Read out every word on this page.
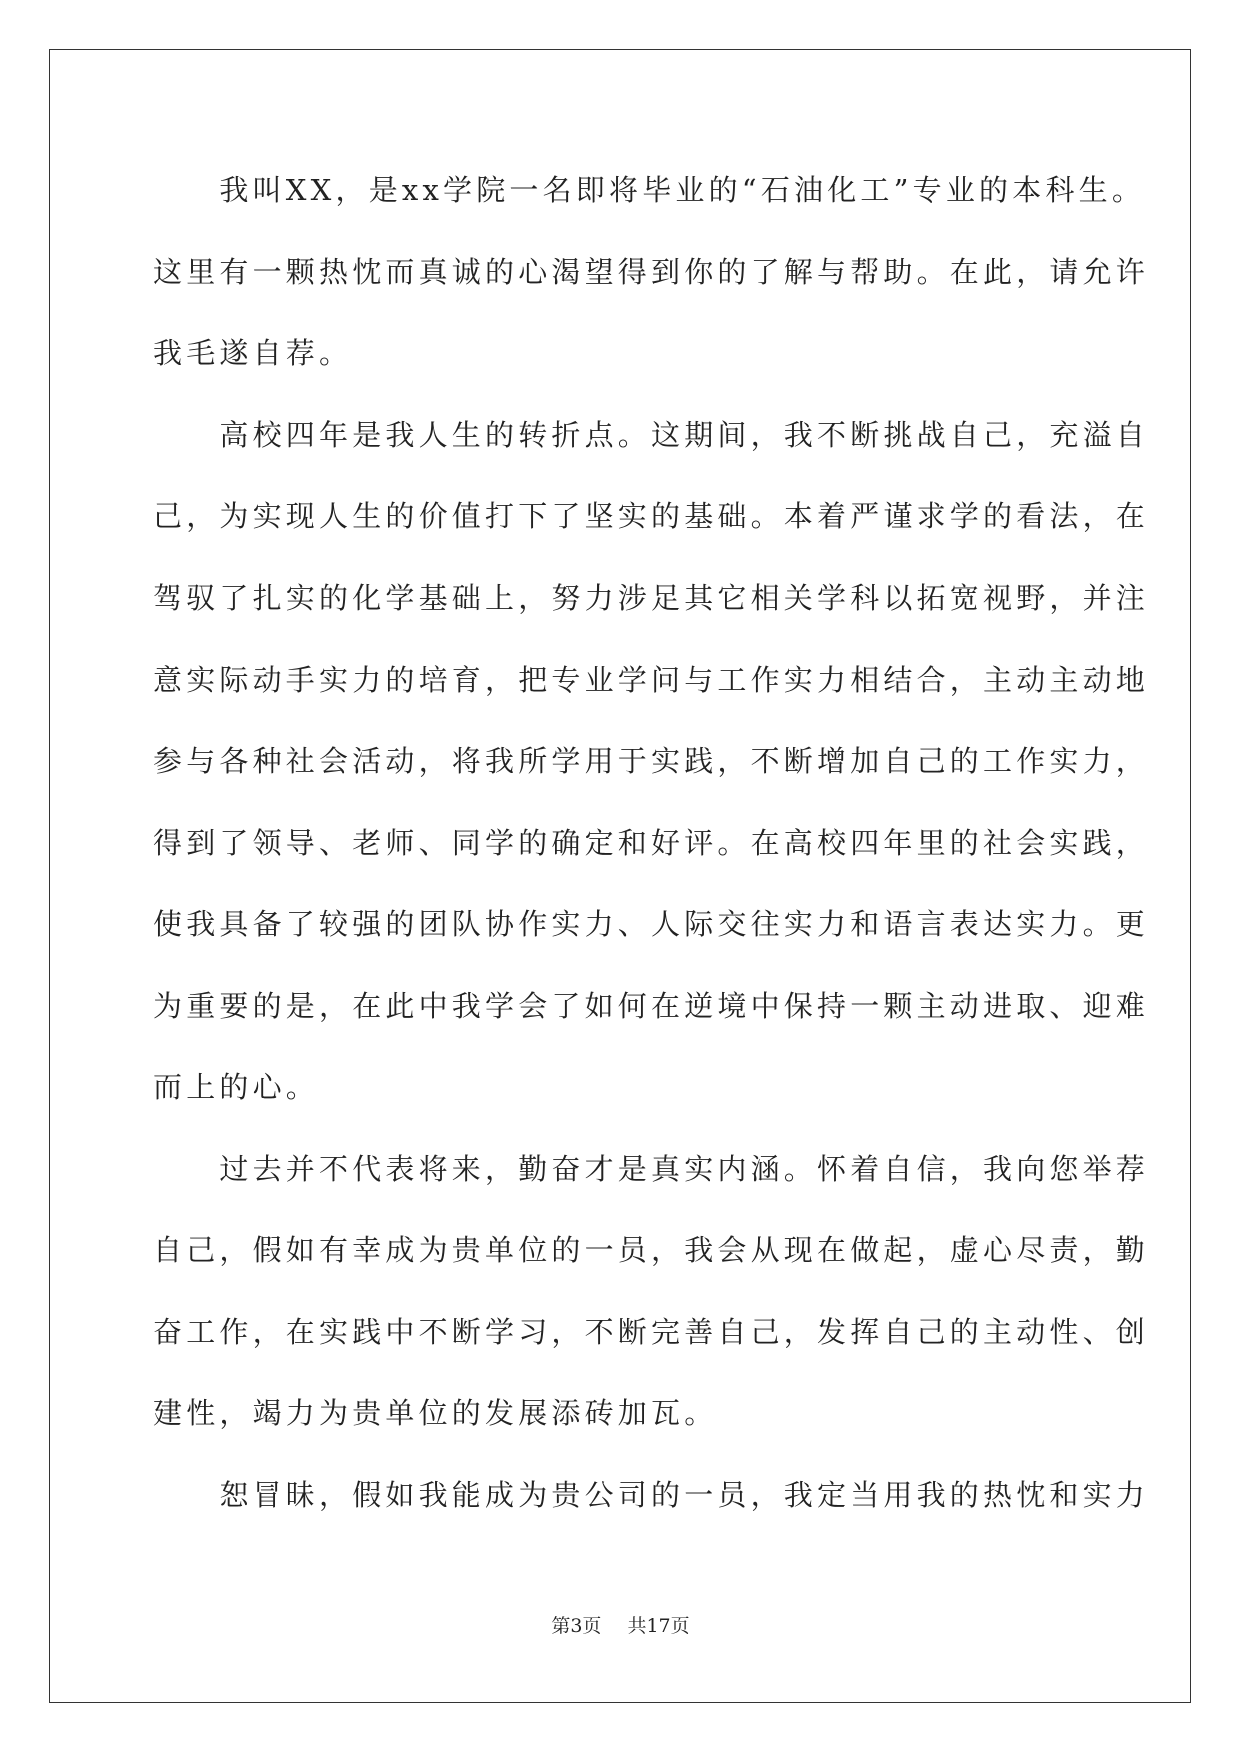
　　我叫XX，是xx学院一名即将毕业的“石油化工”专业的本科生。
这里有一颗热忱而真诚的心渴望得到你的了解与帮助。在此，请允许
我毛遂自荐。
　　高校四年是我人生的转折点。这期间，我不断挑战自己，充溢自
己，为实现人生的价值打下了坚实的基础。本着严谨求学的看法，在
驾驭了扎实的化学基础上，努力涉足其它相关学科以拓宽视野，并注
意实际动手实力的培育，把专业学问与工作实力相结合，主动主动地
参与各种社会活动，将我所学用于实践，不断增加自己的工作实力，
得到了领导、老师、同学的确定和好评。在高校四年里的社会实践，
使我具备了较强的团队协作实力、人际交往实力和语言表达实力。更
为重要的是，在此中我学会了如何在逆境中保持一颗主动进取、迎难
而上的心。
　　过去并不代表将来，勤奋才是真实内涵。怀着自信，我向您举荐
自己，假如有幸成为贵单位的一员，我会从现在做起，虚心尽责，勤
奋工作，在实践中不断学习，不断完善自己，发挥自己的主动性、创
建性，竭力为贵单位的发展添砖加瓦。
　　恕冒昧，假如我能成为贵公司的一员，我定当用我的热忱和实力
第3页 共17页
